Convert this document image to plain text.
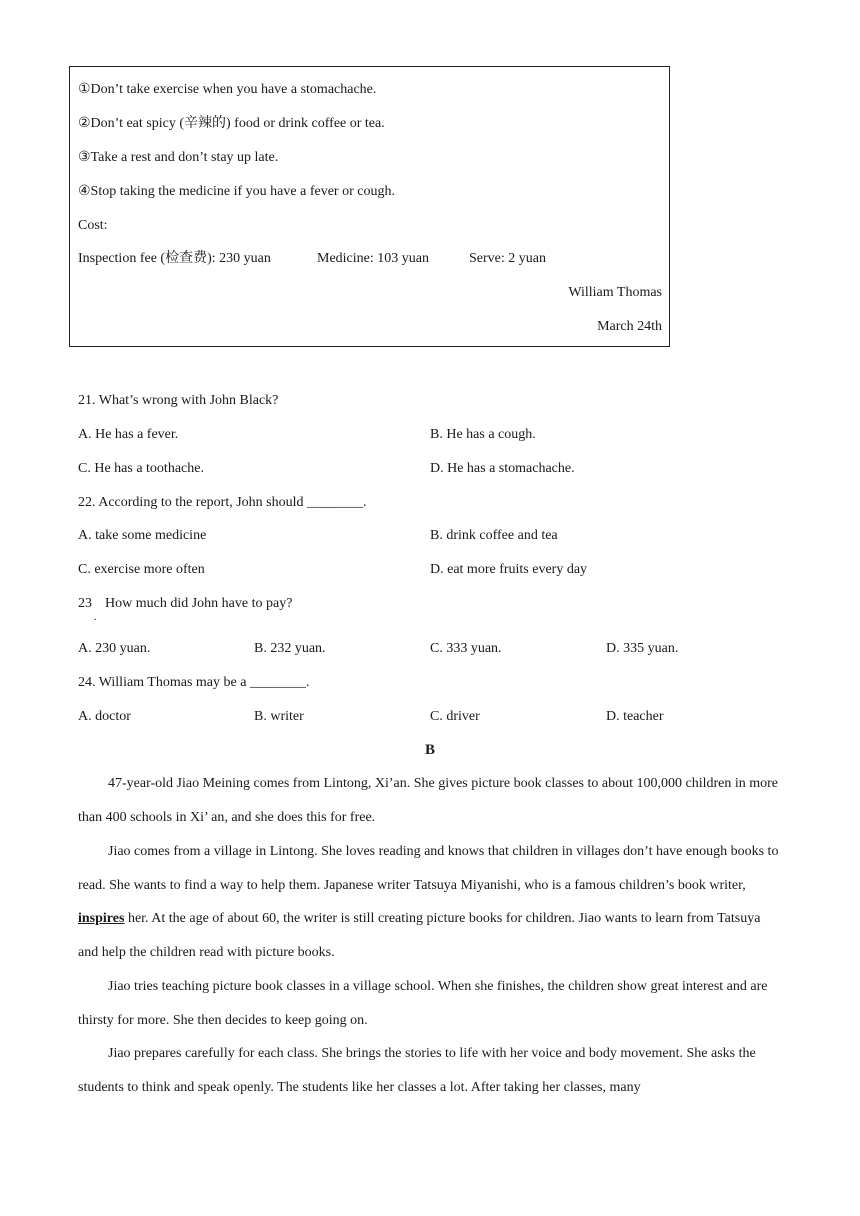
①Don’t take exercise when you have a stomachache.
②Don’t eat spicy (辛辣的) food or drink coffee or tea.
③Take a rest and don’t stay up late.
④Stop taking the medicine if you have a fever or cough.
Cost:
Inspection fee (检查费): 230 yuan	Medicine: 103 yuan	Serve: 2 yuan
William Thomas
March 24th
21. What’s wrong with John Black?
A. He has a fever.	B. He has a cough.
C. He has a toothache.	D. He has a stomachache.
22. According to the report, John should ________.
A. take some medicine	B. drink coffee and tea
C. exercise more often	D. eat more fruits every day
23
.
How much did John have to pay?
A. 230 yuan.	B. 232 yuan.	C. 333 yuan.	D. 335 yuan.
24. William Thomas may be a ________.
A. doctor	B. writer	C. driver	D. teacher
B
47-year-old Jiao Meining comes from Lintong, Xi’an. She gives picture book classes to about 100,000 children in more than 400 schools in Xi’ an, and she does this for free.
Jiao comes from a village in Lintong. She loves reading and knows that children in villages don’t have enough books to read. She wants to find a way to help them. Japanese writer Tatsuya Miyanishi, who is a famous children’s book writer, inspires her. At the age of about 60, the writer is still creating picture books for children. Jiao wants to learn from Tatsuya and help the children read with picture books.
Jiao tries teaching picture book classes in a village school. When she finishes, the children show great interest and are thirsty for more. She then decides to keep going on.
Jiao prepares carefully for each class. She brings the stories to life with her voice and body movement. She asks the students to think and speak openly. The students like her classes a lot. After taking her classes, many
